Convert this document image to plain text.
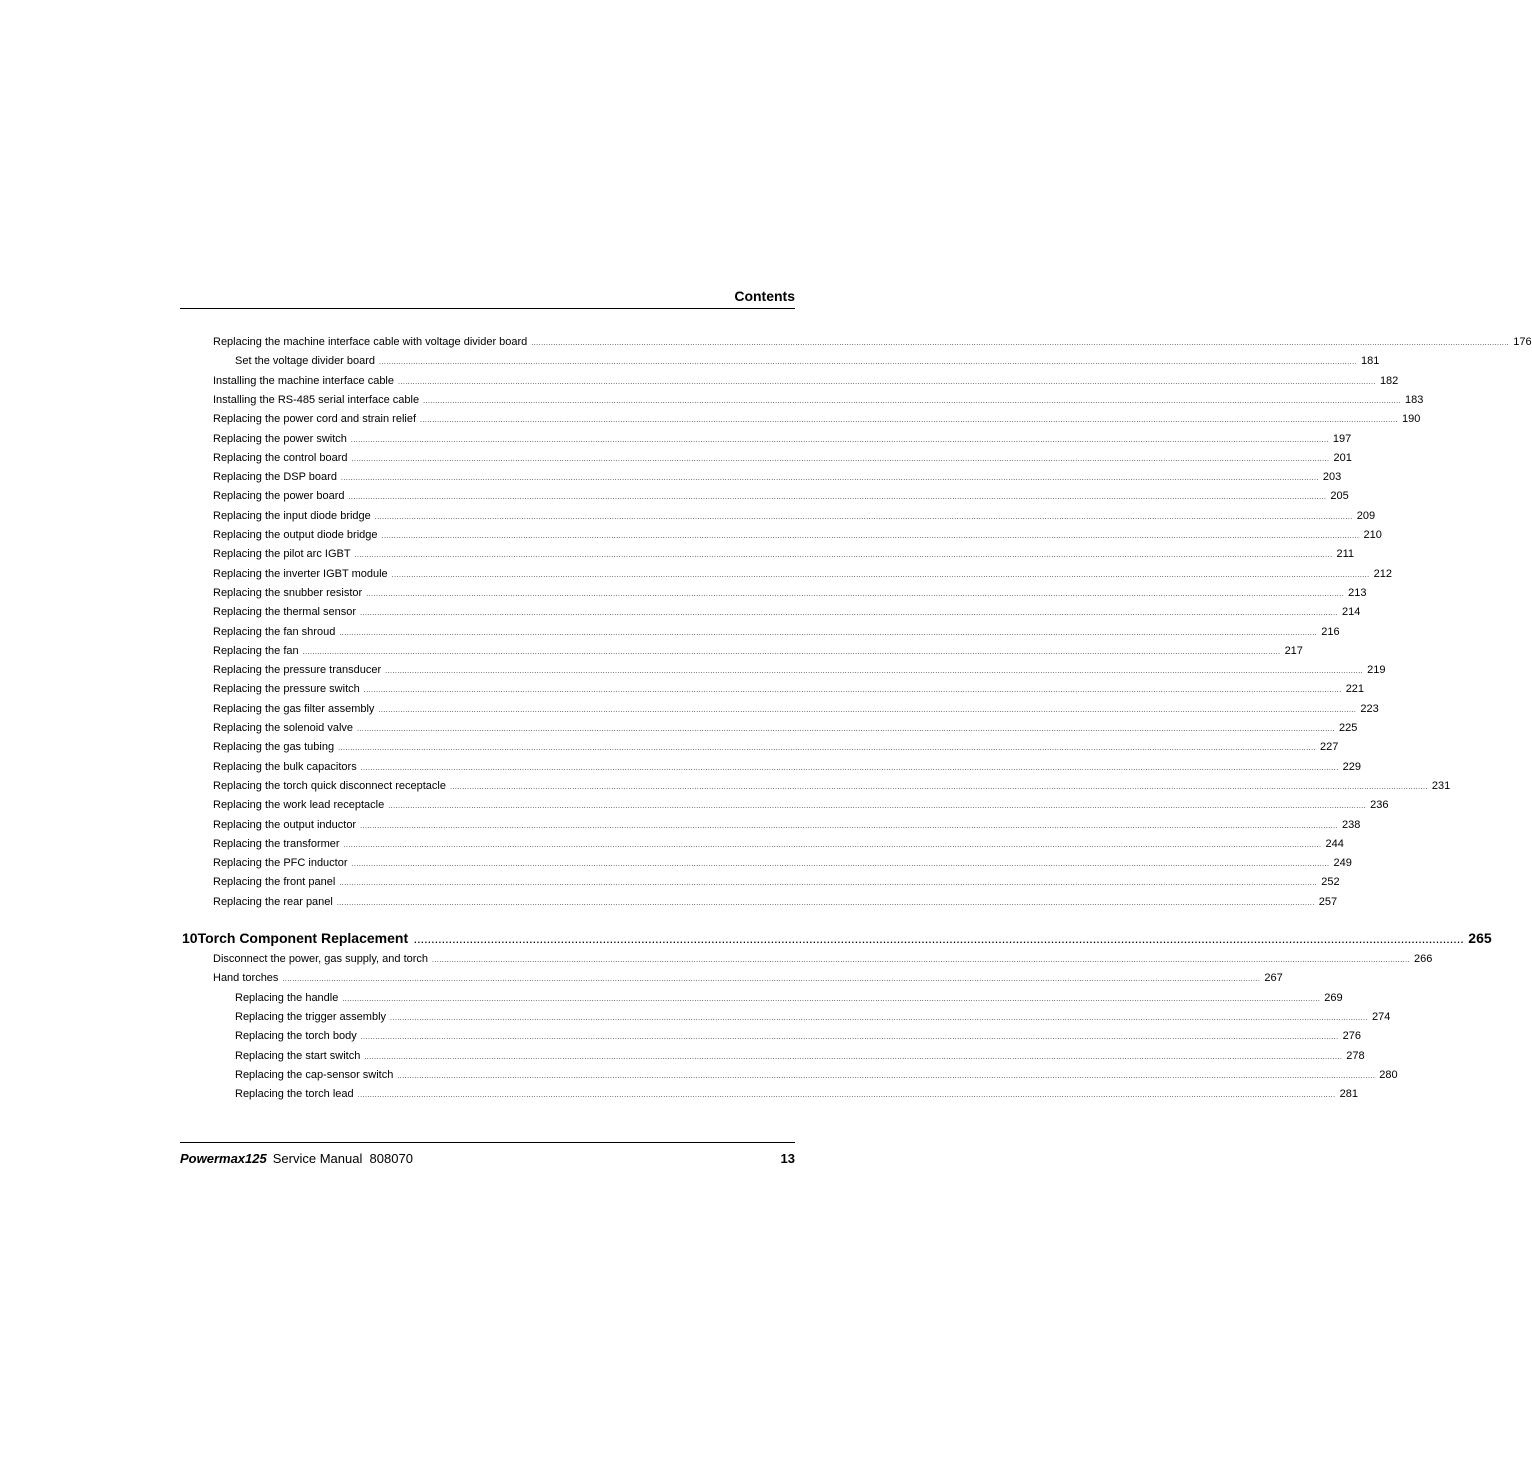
Contents
Replacing the machine interface cable with voltage divider board ................................................................................................................................................................................................................................................................................................................................................................................................................ 176
Set the voltage divider board ................................................................................................................................................................................................................................................................................................................................................................................................................ 181
Installing the machine interface cable ................................................................................................................................................................................................................................................................................................................................................................................................................ 182
Installing the RS-485 serial interface cable ................................................................................................................................................................................................................................................................................................................................................................................................................ 183
Replacing the power cord and strain relief ................................................................................................................................................................................................................................................................................................................................................................................................................ 190
Replacing the power switch ................................................................................................................................................................................................................................................................................................................................................................................................................ 197
Replacing the control board ................................................................................................................................................................................................................................................................................................................................................................................................................ 201
Replacing the DSP board ................................................................................................................................................................................................................................................................................................................................................................................................................ 203
Replacing the power board ................................................................................................................................................................................................................................................................................................................................................................................................................ 205
Replacing the input diode bridge ................................................................................................................................................................................................................................................................................................................................................................................................................ 209
Replacing the output diode bridge ................................................................................................................................................................................................................................................................................................................................................................................................................ 210
Replacing the pilot arc IGBT ................................................................................................................................................................................................................................................................................................................................................................................................................ 211
Replacing the inverter IGBT module ................................................................................................................................................................................................................................................................................................................................................................................................................ 212
Replacing the snubber resistor ................................................................................................................................................................................................................................................................................................................................................................................................................ 213
Replacing the thermal sensor ................................................................................................................................................................................................................................................................................................................................................................................................................ 214
Replacing the fan shroud ................................................................................................................................................................................................................................................................................................................................................................................................................ 216
Replacing the fan ................................................................................................................................................................................................................................................................................................................................................................................................................ 217
Replacing the pressure transducer ................................................................................................................................................................................................................................................................................................................................................................................................................ 219
Replacing the pressure switch ................................................................................................................................................................................................................................................................................................................................................................................................................ 221
Replacing the gas filter assembly ................................................................................................................................................................................................................................................................................................................................................................................................................ 223
Replacing the solenoid valve ................................................................................................................................................................................................................................................................................................................................................................................................................ 225
Replacing the gas tubing ................................................................................................................................................................................................................................................................................................................................................................................................................ 227
Replacing the bulk capacitors ................................................................................................................................................................................................................................................................................................................................................................................................................ 229
Replacing the torch quick disconnect receptacle ................................................................................................................................................................................................................................................................................................................................................................................................................ 231
Replacing the work lead receptacle ................................................................................................................................................................................................................................................................................................................................................................................................................ 236
Replacing the output inductor ................................................................................................................................................................................................................................................................................................................................................................................................................ 238
Replacing the transformer ................................................................................................................................................................................................................................................................................................................................................................................................................ 244
Replacing the PFC inductor ................................................................................................................................................................................................................................................................................................................................................................................................................ 249
Replacing the front panel ................................................................................................................................................................................................................................................................................................................................................................................................................ 252
Replacing the rear panel ................................................................................................................................................................................................................................................................................................................................................................................................................ 257
10 Torch Component Replacement ............................................................................................................................................................................................................................................................................................................ 265
Disconnect the power, gas supply, and torch ................................................................................................................................................................................................................................................................................................................................................................................................................ 266
Hand torches ................................................................................................................................................................................................................................................................................................................................................................................................................ 267
Replacing the handle ................................................................................................................................................................................................................................................................................................................................................................................................................ 269
Replacing the trigger assembly ................................................................................................................................................................................................................................................................................................................................................................................................................ 274
Replacing the torch body ................................................................................................................................................................................................................................................................................................................................................................................................................ 276
Replacing the start switch ................................................................................................................................................................................................................................................................................................................................................................................................................ 278
Replacing the cap-sensor switch ................................................................................................................................................................................................................................................................................................................................................................................................................ 280
Replacing the torch lead ................................................................................................................................................................................................................................................................................................................................................................................................................ 281
Powermax125 Service Manual  808070	13
